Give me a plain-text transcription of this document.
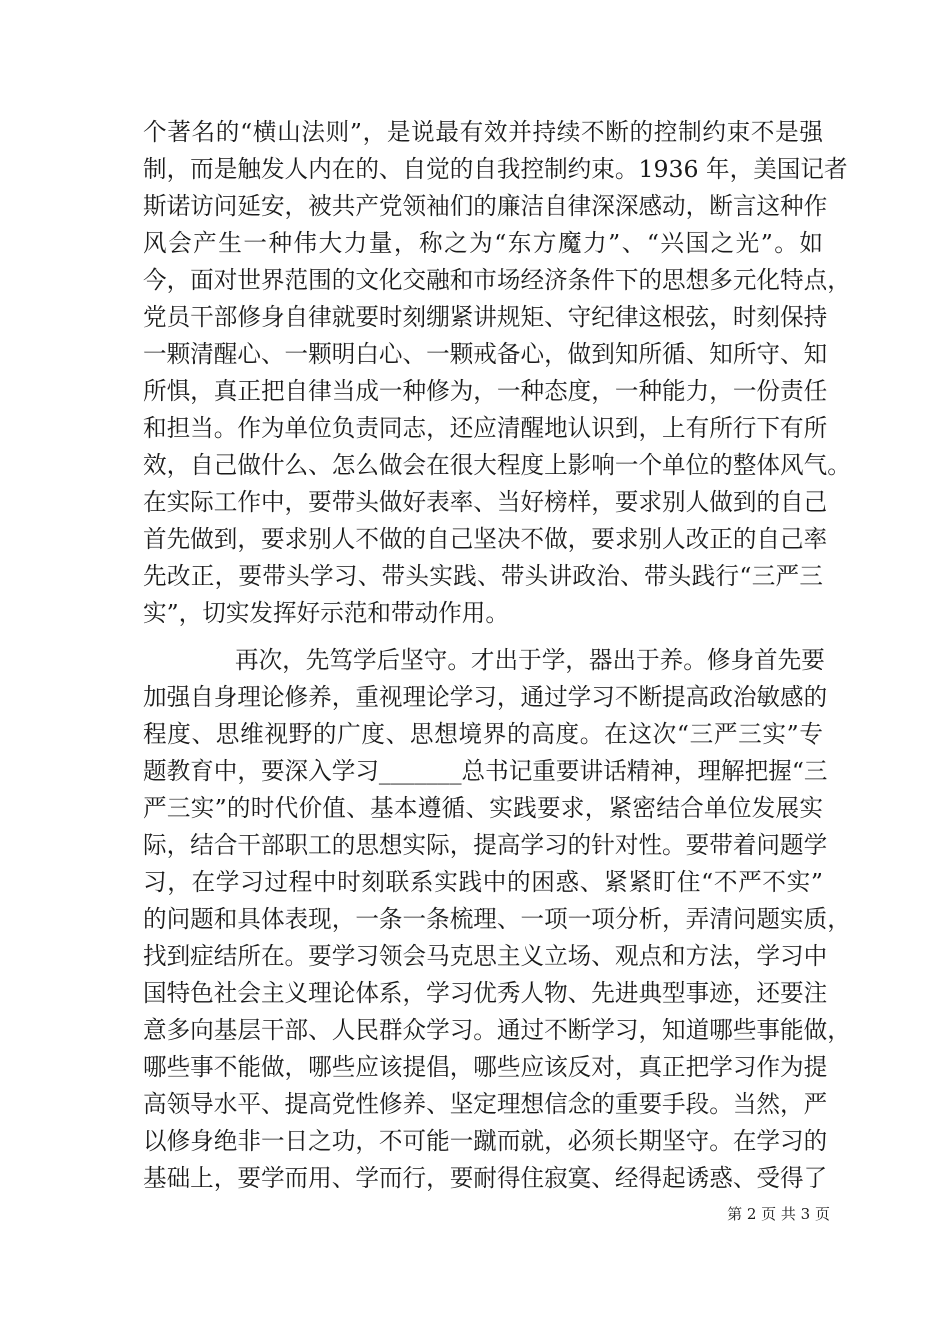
个著名的“横山法则”，是说最有效并持续不断的控制约束不是强
制，而是触发人内在的、自觉的自我控制约束。1936 年，美国记者
斯诺访问延安，被共产党领袖们的廉洁自律深深感动，断言这种作
风会产生一种伟大力量，称之为“东方魔力”、“兴国之光”。如
今，面对世界范围的文化交融和市场经济条件下的思想多元化特点，
党员干部修身自律就要时刻绷紧讲规矩、守纪律这根弦，时刻保持
一颗清醒心、一颗明白心、一颗戒备心，做到知所循、知所守、知
所惧，真正把自律当成一种修为，一种态度，一种能力，一份责任
和担当。作为单位负责同志，还应清醒地认识到，上有所行下有所
效，自己做什么、怎么做会在很大程度上影响一个单位的整体风气。
在实际工作中，要带头做好表率、当好榜样，要求别人做到的自己
首先做到，要求别人不做的自己坚决不做，要求别人改正的自己率
先改正，要带头学习、带头实践、带头讲政治、带头践行“三严三
实”，切实发挥好示范和带动作用。
再次，先笃学后坚守。才出于学，器出于养。修身首先要
加强自身理论修养，重视理论学习，通过学习不断提高政治敏感的
程度、思维视野的广度、思想境界的高度。在这次“三严三实”专
题教育中，要深入学习_______总书记重要讲话精神，理解把握“三
严三实”的时代价值、基本遵循、实践要求，紧密结合单位发展实
际，结合干部职工的思想实际，提高学习的针对性。要带着问题学
习，在学习过程中时刻联系实践中的困惑、紧紧盯住“不严不实”
的问题和具体表现，一条一条梳理、一项一项分析，弄清问题实质，
找到症结所在。要学习领会马克思主义立场、观点和方法，学习中
国特色社会主义理论体系，学习优秀人物、先进典型事迹，还要注
意多向基层干部、人民群众学习。通过不断学习，知道哪些事能做，
哪些事不能做，哪些应该提倡，哪些应该反对，真正把学习作为提
高领导水平、提高党性修养、坚定理想信念的重要手段。当然，严
以修身绝非一日之功，不可能一蹴而就，必须长期坚守。在学习的
基础上，要学而用、学而行，要耐得住寂寞、经得起诱惑、受得了
第 2 页 共 3 页
